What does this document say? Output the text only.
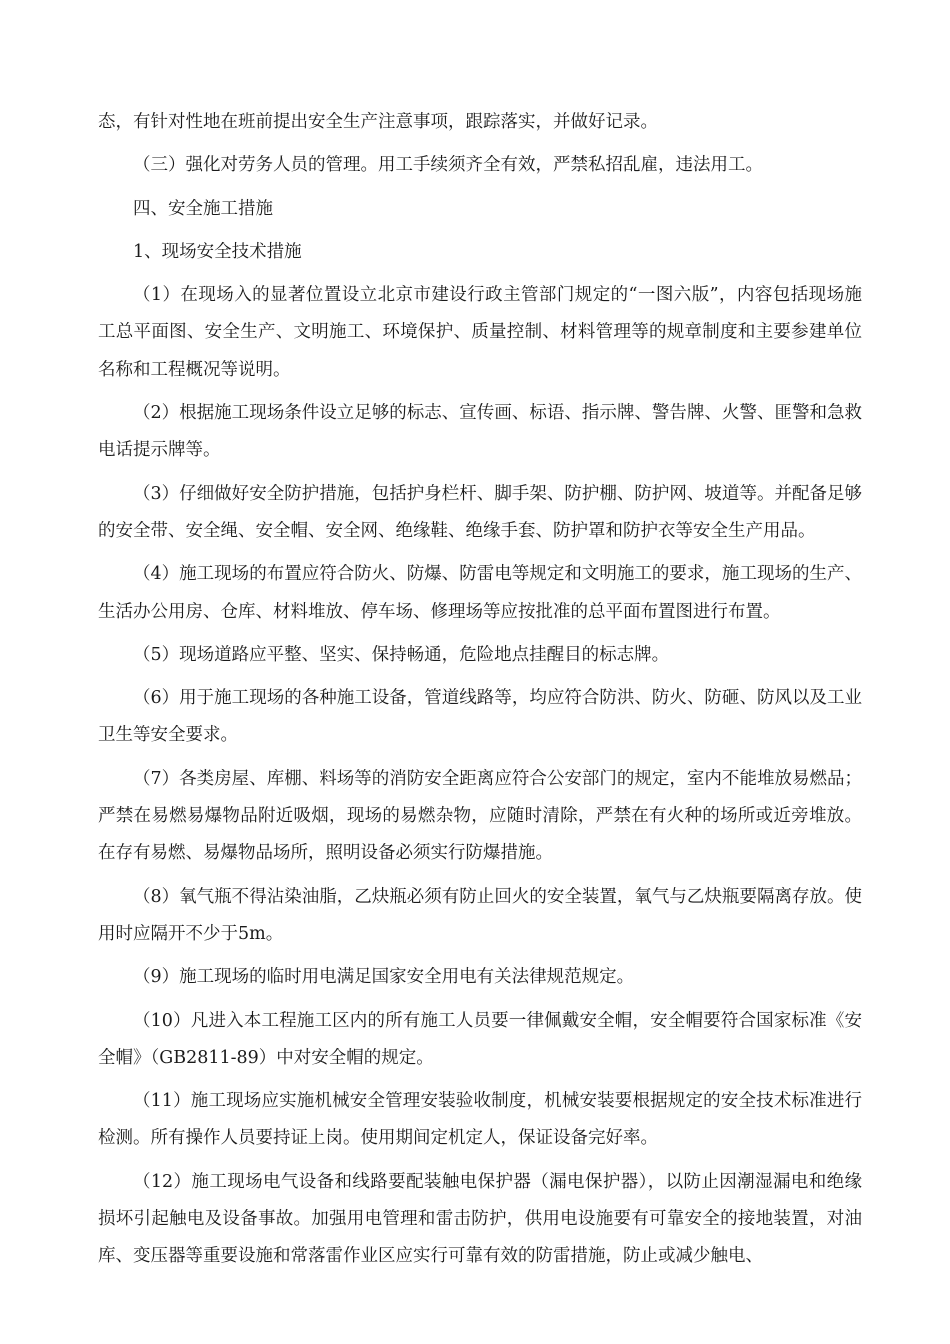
态，有针对性地在班前提出安全生产注意事项，跟踪落实，并做好记录。

（三）强化对劳务人员的管理。用工手续须齐全有效，严禁私招乱雇，违法用工。

四、安全施工措施

1、现场安全技术措施

（1）在现场入的显著位置设立北京市建设行政主管部门规定的“一图六版”，内容包括现场施工总平面图、安全生产、文明施工、环境保护、质量控制、材料管理等的规章制度和主要参建单位名称和工程概况等说明。

（2）根据施工现场条件设立足够的标志、宣传画、标语、指示牌、警告牌、火警、匪警和急救电话提示牌等。

（3）仔细做好安全防护措施，包括护身栏杆、脚手架、防护棚、防护网、坡道等。并配备足够的安全带、安全绳、安全帽、安全网、绝缘鞋、绝缘手套、防护罩和防护衣等安全生产用品。

（4）施工现场的布置应符合防火、防爆、防雷电等规定和文明施工的要求，施工现场的生产、生活办公用房、仓库、材料堆放、停车场、修理场等应按批准的总平面布置图进行布置。

（5）现场道路应平整、坚实、保持畅通，危险地点挂醒目的标志牌。

（6）用于施工现场的各种施工设备，管道线路等，均应符合防洪、防火、防砸、防风以及工业卫生等安全要求。

（7）各类房屋、库棚、料场等的消防安全距离应符合公安部门的规定，室内不能堆放易燃品；严禁在易燃易爆物品附近吸烟，现场的易燃杂物，应随时清除，严禁在有火种的场所或近旁堆放。在存有易燃、易爆物品场所，照明设备必须实行防爆措施。

（8）氧气瓶不得沾染油脂，乙炔瓶必须有防止回火的安全装置，氧气与乙炔瓶要隔离存放。使用时应隔开不少于5m。

（9）施工现场的临时用电满足国家安全用电有关法律规范规定。

（10）凡进入本工程施工区内的所有施工人员要一律佩戴安全帽，安全帽要符合国家标准《安全帽》（GB2811-89）中对安全帽的规定。

（11）施工现场应实施机械安全管理安装验收制度，机械安装要根据规定的安全技术标准进行检测。所有操作人员要持证上岗。使用期间定机定人，保证设备完好率。

（12）施工现场电气设备和线路要配装触电保护器（漏电保护器），以防止因潮湿漏电和绝缘损坏引起触电及设备事故。加强用电管理和雷击防护，供用电设施要有可靠安全的接地装置，对油库、变压器等重要设施和常落雷作业区应实行可靠有效的防雷措施，防止或减少触电、
